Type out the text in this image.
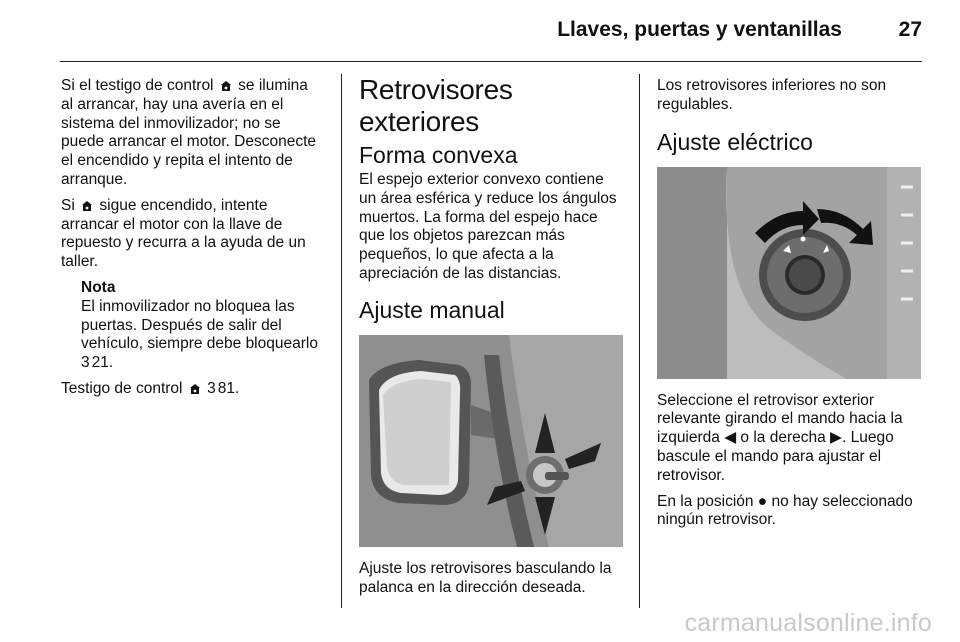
Llaves, puertas y ventanillas	27

Si el testigo de control se ilumina al arrancar, hay una avería en el sistema del inmovilizador; no se puede arrancar el motor. Desconecte el encendido y repita el intento de arranque.

Si sigue encendido, intente arrancar el motor con la llave de repuesto y recurra a la ayuda de un taller.

Nota
El inmovilizador no bloquea las puertas. Después de salir del vehículo, siempre debe bloquearlo
3 21.

Testigo de control 3 81.

Retrovisores exteriores
Forma convexa

El espejo exterior convexo contiene un área esférica y reduce los ángulos muertos. La forma del espejo hace que los objetos parezcan más pequeños, lo que afecta a la apreciación de las distancias.

Ajuste manual

Ajuste los retrovisores basculando la palanca en la dirección deseada.

Los retrovisores inferiores no son regulables.

Ajuste eléctrico

Seleccione el retrovisor exterior relevante girando el mando hacia la izquierda ◀ o la derecha ▶. Luego bascule el mando para ajustar el retrovisor.

En la posición ● no hay seleccionado ningún retrovisor.

carmanualsonline.info
